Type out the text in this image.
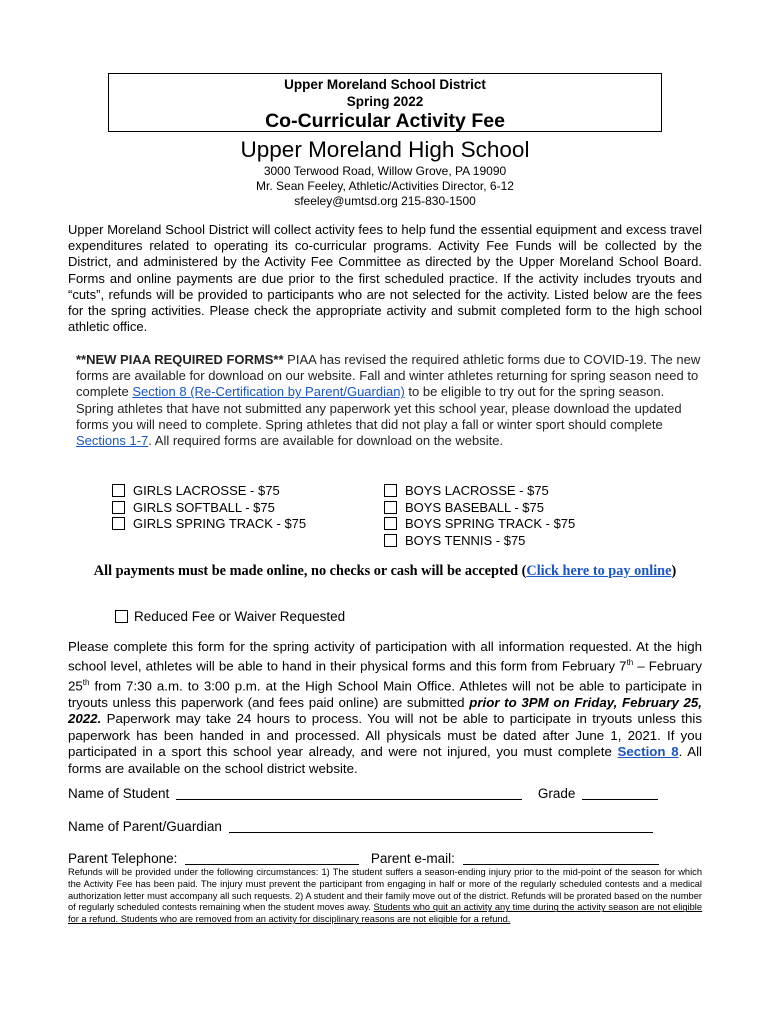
Upper Moreland School District
Spring 2022
Co-Curricular Activity Fee
Upper Moreland High School
3000 Terwood Road, Willow Grove, PA 19090
Mr. Sean Feeley, Athletic/Activities Director, 6-12
sfeeley@umtsd.org 215-830-1500

Upper Moreland School District will collect activity fees to help fund the essential equipment and excess travel expenditures related to operating its co-curricular programs. Activity Fee Funds will be collected by the District, and administered by the Activity Fee Committee as directed by the Upper Moreland School Board. Forms and online payments are due prior to the first scheduled practice. If the activity includes tryouts and “cuts”, refunds will be provided to participants who are not selected for the activity. Listed below are the fees for the spring activities. Please check the appropriate activity and submit completed form to the high school athletic office.

**NEW PIAA REQUIRED FORMS** PIAA has revised the required athletic forms due to COVID-19. The new forms are available for download on our website. Fall and winter athletes returning for spring season need to complete Section 8 (Re-Certification by Parent/Guardian) to be eligible to try out for the spring season. Spring athletes that have not submitted any paperwork yet this school year, please download the updated forms you will need to complete. Spring athletes that did not play a fall or winter sport should complete Sections 1-7. All required forms are available for download on the website.

GIRLS LACROSSE - $75
GIRLS SOFTBALL - $75
GIRLS SPRING TRACK - $75
BOYS LACROSSE - $75
BOYS BASEBALL - $75
BOYS SPRING TRACK - $75
BOYS TENNIS - $75
All payments must be made online, no checks or cash will be accepted (Click here to pay online)
Reduced Fee or Waiver Requested

Please complete this form for the spring activity of participation with all information requested. At the high school level, athletes will be able to hand in their physical forms and this form from February 7th – February 25th from 7:30 a.m. to 3:00 p.m. at the High School Main Office. Athletes will not be able to participate in tryouts unless this paperwork (and fees paid online) are submitted prior to 3PM on Friday, February 25, 2022. Paperwork may take 24 hours to process. You will not be able to participate in tryouts unless this paperwork has been handed in and processed. All physicals must be dated after June 1, 2021. If you participated in a sport this school year already, and were not injured, you must complete Section 8. All forms are available on the school district website.

Name of Student	Grade
Name of Parent/Guardian
Parent Telephone:	Parent e-mail:

Refunds will be provided under the following circumstances: 1) The student suffers a season-ending injury prior to the mid-point of the season for which the Activity Fee has been paid. The injury must prevent the participant from engaging in half or more of the regularly scheduled contests and a medical authorization letter must accompany all such requests. 2) A student and their family move out of the district. Refunds will be prorated based on the number of regularly scheduled contests remaining when the student moves away. Students who quit an activity any time during the activity season are not eligible for a refund. Students who are removed from an activity for disciplinary reasons are not eligible for a refund.
